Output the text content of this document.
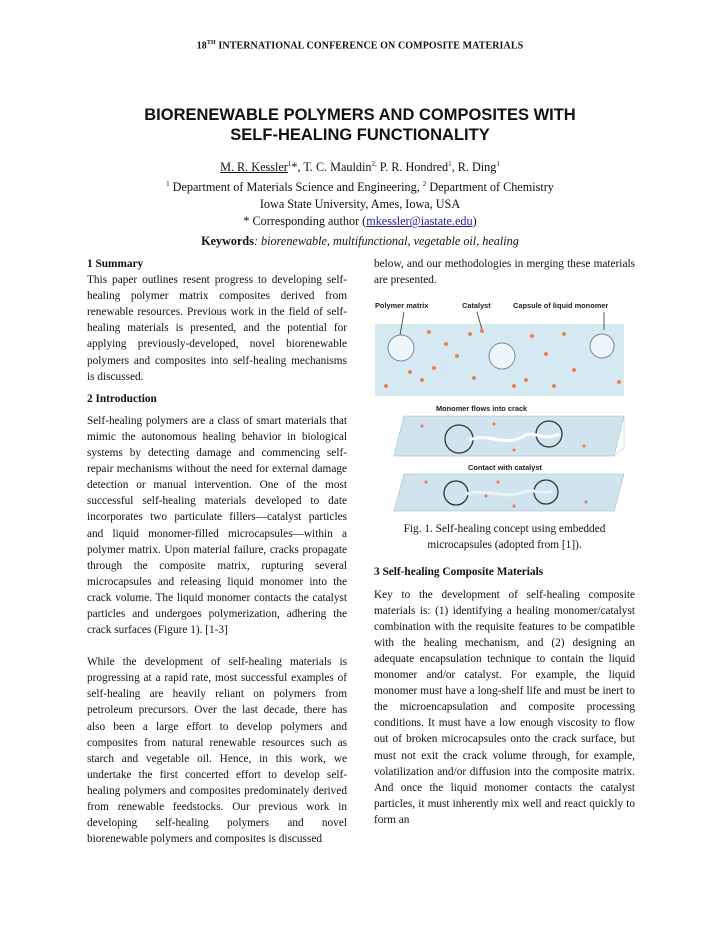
18TH INTERNATIONAL CONFERENCE ON COMPOSITE MATERIALS
BIORENEWABLE POLYMERS AND COMPOSITES WITH
SELF-HEALING FUNCTIONALITY
M. R. Kessler$^1$*, T. C. Mauldin$^{2,}$ P. R. Hondred$^1$, R. Ding$^1$
$^1$ Department of Materials Science and Engineering, $^2$ Department of Chemistry
Iowa State University, Ames, Iowa, USA
* Corresponding author (mkessler@iastate.edu)
Keywords: biorenewable, multifunctional, vegetable oil, healing

1 Summary

This paper outlines resent progress to developing self-healing polymer matrix composites derived from renewable resources. Previous work in the field of self-healing materials is presented, and the potential for applying previously-developed, novel biorenewable polymers and composites into self-healing mechanisms is discussed.

2 Introduction

Self-healing polymers are a class of smart materials that mimic the autonomous healing behavior in biological systems by detecting damage and commencing self-repair mechanisms without the need for external damage detection or manual intervention. One of the most successful self-healing materials developed to date incorporates two particulate fillers—catalyst particles and liquid monomer-filled microcapsules—within a polymer matrix. Upon material failure, cracks propagate through the composite matrix, rupturing several microcapsules and releasing liquid monomer into the crack volume. The liquid monomer contacts the catalyst particles and undergoes polymerization, adhering the crack surfaces (Figure 1). [1-3]

While the development of self-healing materials is progressing at a rapid rate, most successful examples of self-healing are heavily reliant on polymers from petroleum precursors. Over the last decade, there has also been a large effort to develop polymers and composites from natural renewable resources such as starch and vegetable oil. Hence, in this work, we undertake the first concerted effort to develop self-healing polymers and composites predominately derived from renewable feedstocks. Our previous work in developing self-healing polymers and novel biorenewable polymers and composites is discussed

below, and our methodologies in merging these materials are presented.

Polymer matrix	Catalyst	Capsule of liquid monomer
Monomer flows into crack
Contact with catalyst
Fig. 1. Self-healing concept using embedded
microcapsules (adopted from [1]).

3 Self-healing Composite Materials

Key to the development of self-healing composite materials is: (1) identifying a healing monomer/catalyst combination with the requisite features to be compatible with the healing mechanism, and (2) designing an adequate encapsulation technique to contain the liquid monomer and/or catalyst. For example, the liquid monomer must have a long-shelf life and must be inert to the microencapsulation and composite processing conditions. It must have a low enough viscosity to flow out of broken microcapsules onto the crack surface, but must not exit the crack volume through, for example, volatilization and/or diffusion into the composite matrix. And once the liquid monomer contacts the catalyst particles, it must inherently mix well and react quickly to form an
